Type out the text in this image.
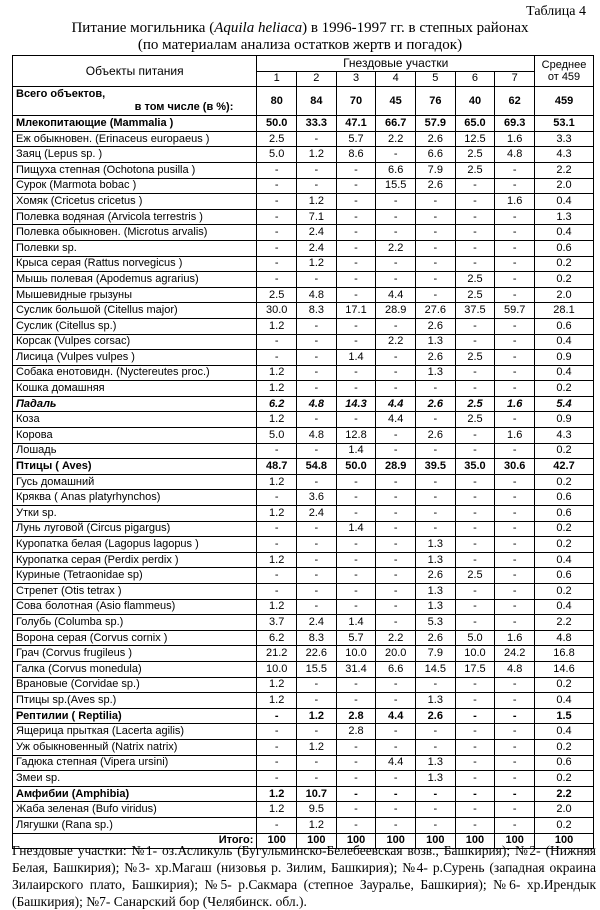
Таблица 4
Питание могильника (Aquila heliaca) в 1996-1997 гг. в степных районах
(по материалам анализа остатков жертв и погадок)
Объекты питания	Гнездовые участки							Среднее от 459
	1	2	3	4	5	6	7	

Всего объектов,
в том числе (в %):	80	84	70	45	76	40	62	459
Млекопитающие (Mammalia )	50.0	33.3	47.1	66.7	57.9	65.0	69.3	53.1
Еж обыкновен. (Erinaceus europaeus )	2.5	-	5.7	2.2	2.6	12.5	1.6	3.3
Заяц (Lepus sp. )	5.0	1.2	8.6	-	6.6	2.5	4.8	4.3
Пищуха степная (Ochotona pusilla )	-	-	-	6.6	7.9	2.5	-	2.2
Сурок (Marmota bobac )	-	-	-	15.5	2.6	-	-	2.0
Хомяк (Cricetus cricetus )	-	1.2	-	-	-	-	1.6	0.4
Полевка водяная (Arvicola terrestris )	-	7.1	-	-	-	-	-	1.3
Полевка обыкновен. (Microtus arvalis)	-	2.4	-	-	-	-	-	0.4
Полевки sp.	-	2.4	-	2.2	-	-	-	0.6
Крыса серая (Rattus norvegicus )	-	1.2	-	-	-	-	-	0.2
Мышь полевая (Apodemus agrarius)	-	-	-	-	-	2.5	-	0.2
Мышевидные грызуны	2.5	4.8	-	4.4	-	2.5	-	2.0
Суслик большой (Citellus major)	30.0	8.3	17.1	28.9	27.6	37.5	59.7	28.1
Суслик (Citellus sp.)	1.2	-	-	-	2.6	-	-	0.6
Корсак (Vulpes corsac)	-	-	-	2.2	1.3	-	-	0.4
Лисица (Vulpes vulpes )	-	-	1.4	-	2.6	2.5	-	0.9
Собака енотовидн. (Nyctereutes proc.)	1.2	-	-	-	1.3	-	-	0.4
Кошка домашняя	1.2	-	-	-	-	-	-	0.2
Падаль	6.2	4.8	14.3	4.4	2.6	2.5	1.6	5.4
Коза	1.2	-	-	4.4	-	2.5	-	0.9
Корова	5.0	4.8	12.8	-	2.6	-	1.6	4.3
Лошадь	-	-	1.4	-	-	-	-	0.2
Птицы ( Aves)	48.7	54.8	50.0	28.9	39.5	35.0	30.6	42.7
Гусь домашний	1.2	-	-	-	-	-	-	0.2
Кряква ( Anas platyrhynchos)	-	3.6	-	-	-	-	-	0.6
Утки sp.	1.2	2.4	-	-	-	-	-	0.6
Лунь луговой (Circus pigargus)	-	-	1.4	-	-	-	-	0.2
Куропатка белая (Lagopus lagopus )	-	-	-	-	1.3	-	-	0.2
Куропатка серая (Perdix perdix )	1.2	-	-	-	1.3	-	-	0.4
Куриные (Tetraonidae sp)	-	-	-	-	2.6	2.5	-	0.6
Стрепет (Otis tetrax )	-	-	-	-	1.3	-	-	0.2
Сова болотная (Asio flammeus)	1.2	-	-	-	1.3	-	-	0.4
Голубь (Columba sp.)	3.7	2.4	1.4	-	5.3	-	-	2.2
Ворона серая (Corvus cornix )	6.2	8.3	5.7	2.2	2.6	5.0	1.6	4.8
Грач (Corvus frugileus )	21.2	22.6	10.0	20.0	7.9	10.0	24.2	16.8
Галка (Corvus monedula)	10.0	15.5	31.4	6.6	14.5	17.5	4.8	14.6
Врановые (Corvidae sp.)	1.2	-	-	-	-	-	-	0.2
Птицы sp.(Aves sp.)	1.2	-	-	-	1.3	-	-	0.4
Рептилии ( Reptilia)	-	1.2	2.8	4.4	2.6	-	-	1.5
Ящерица прыткая (Lacerta agilis)	-	-	2.8	-	-	-	-	0.4
Уж обыкновенный (Natrix natrix)	-	1.2	-	-	-	-	-	0.2
Гадюка степная (Vipera ursini)	-	-	-	4.4	1.3	-	-	0.6
Змеи sp.	-	-	-	-	1.3	-	-	0.2
Амфибии (Amphibia)	1.2	10.7	-	-	-	-	-	2.2
Жаба зеленая (Bufo viridus)	1.2	9.5	-	-	-	-	-	2.0
Лягушки (Rana sp.)	-	1.2	-	-	-	-	-	0.2
Итого:	100	100	100	100	100	100	100	100
Гнездовые участки: №1- оз.Асликуль (Бугульминско-Белебеевская возв., Башкирия); №2- (Нижняя Белая, Башкирия); №3- хр.Магаш (низовья р. Зилим, Башкирия); №4- р.Сурень (западная окраина Зилаирского плато, Башкирия); №5- р.Сакмара (степное Зауралье, Башкирия); №6- хр.Ирендык (Башкирия); №7- Санарский бор (Челябинск. обл.).
